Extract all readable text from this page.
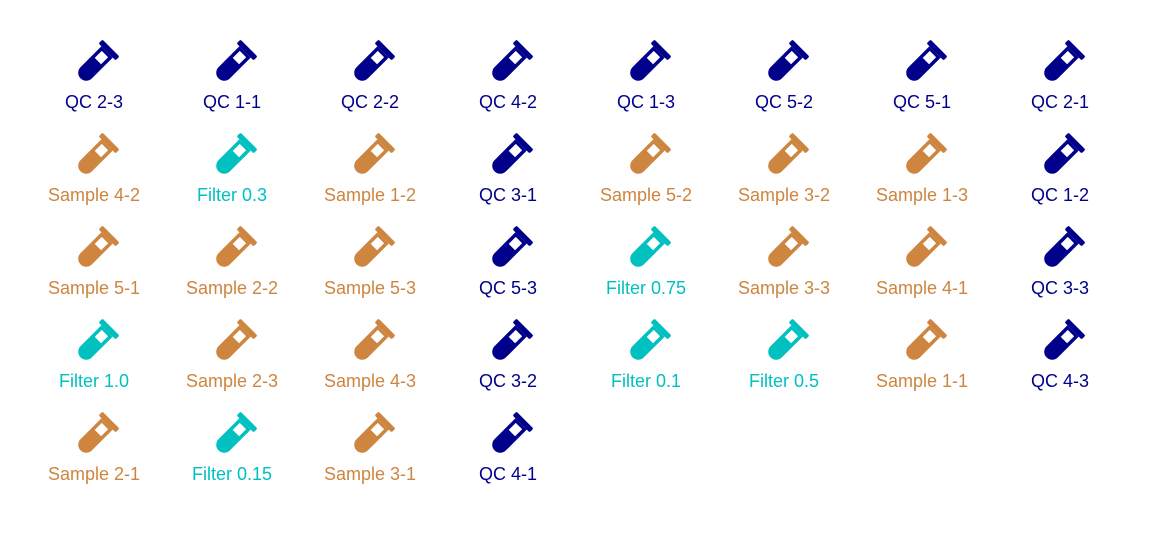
QC 2-3	QC 1-1	QC 2-2	QC 4-2	QC 1-3	QC 5-2	QC 5-1	QC 2-1
Sample 4-2	Filter 0.3	Sample 1-2	QC 3-1	Sample 5-2	Sample 3-2	Sample 1-3	QC 1-2
Sample 5-1	Sample 2-2	Sample 5-3	QC 5-3	Filter 0.75	Sample 3-3	Sample 4-1	QC 3-3
Filter 1.0	Sample 2-3	Sample 4-3	QC 3-2	Filter 0.1	Filter 0.5	Sample 1-1	QC 4-3
Sample 2-1	Filter 0.15	Sample 3-1	QC 4-1
